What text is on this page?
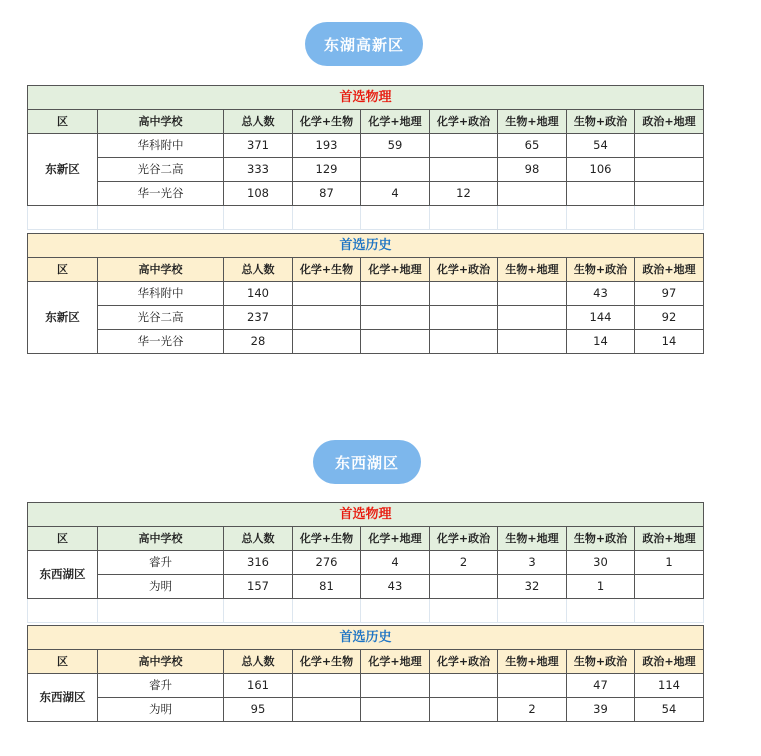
东湖高新区
首选物理								
区	高中学校	总人数	化学+生物	化学+地理	化学+政治	生物+地理	生物+政治	政治+地理
东新区	华科附中	371	193	59		65	54	
	光谷二高	333	129			98	106	
	华一光谷	108	87	4	12			

首选历史								
区	高中学校	总人数	化学+生物	化学+地理	化学+政治	生物+地理	生物+政治	政治+地理
东新区	华科附中	140					43	97
	光谷二高	237					144	92
	华一光谷	28					14	14
东西湖区
首选物理								
区	高中学校	总人数	化学+生物	化学+地理	化学+政治	生物+地理	生物+政治	政治+地理
东西湖区	睿升	316	276	4	2	3	30	1
	为明	157	81	43		32	1	

首选历史								
区	高中学校	总人数	化学+生物	化学+地理	化学+政治	生物+地理	生物+政治	政治+地理
东西湖区	睿升	161					47	114
	为明	95				2	39	54
